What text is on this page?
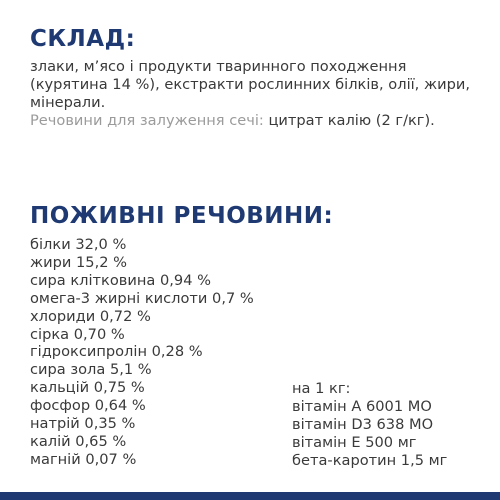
СКЛАД:

злаки, м’ясо і продукти тваринного походження (курятина 14 %), екстракти рослинних білків, олії, жири, мінерали.

Речовини для залуження сечі: цитрат калію (2 г/кг).

ПОЖИВНІ РЕЧОВИНИ:
білки 32,0 %
жири 15,2 %
сира клітковина 0,94 %
омега-3 жирні кислоти 0,7 %
хлориди 0,72 %
сірка 0,70 %
гідроксипролін 0,28 %
сира зола 5,1 %
кальцій 0,75 %
фосфор 0,64 %
натрій 0,35 %
калій 0,65 %
магній 0,07 %
на 1 кг:
вітамін А 6001 МО
вітамін D3 638 МО
вітамін Е 500 мг
бета-каротин 1,5 мг
